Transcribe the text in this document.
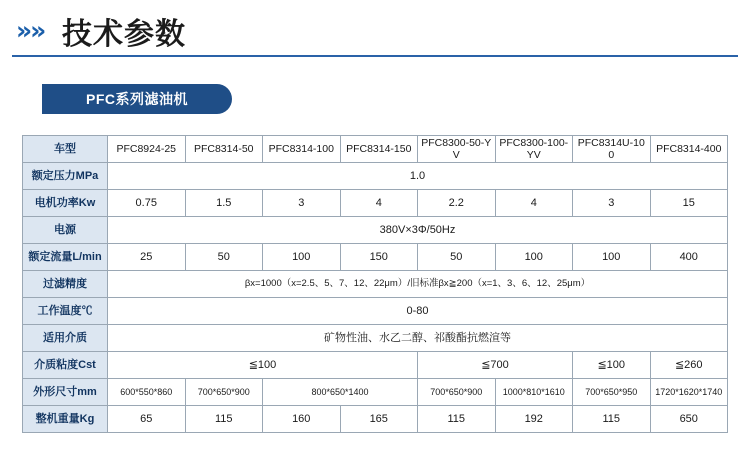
»» 技术参数
PFC系列滤油机
车型	PFC8924-25	PFC8314-50	PFC8314-100	PFC8314-150	PFC8300-50-YV	PFC8300-100-YV	PFC8314U-100	PFC8314-400
额定压力MPa	1.0							
电机功率Kw	0.75	1.5	3	4	2.2	4	3	15
电源	380V×3Φ/50Hz							
额定流量L/min	25	50	100	150	50	100	100	400
过滤精度	βx=1000（x=2.5、5、7、12、22μm）/旧标准βx≧200（x=1、3、6、12、25μm）							
工作温度℃	0-80							
适用介质	矿物性油、水乙二醇、祁酸酯抗燃渲等							
介质粘度Cst	≦100				≦700		≦100	≦260
外形尺寸mm	600*550*860	700*650*900	800*650*1400		700*650*900	1000*810*1610	700*650*950	1720*1620*1740
整机重量Kg	65	115	160	165	115	192	115	650
